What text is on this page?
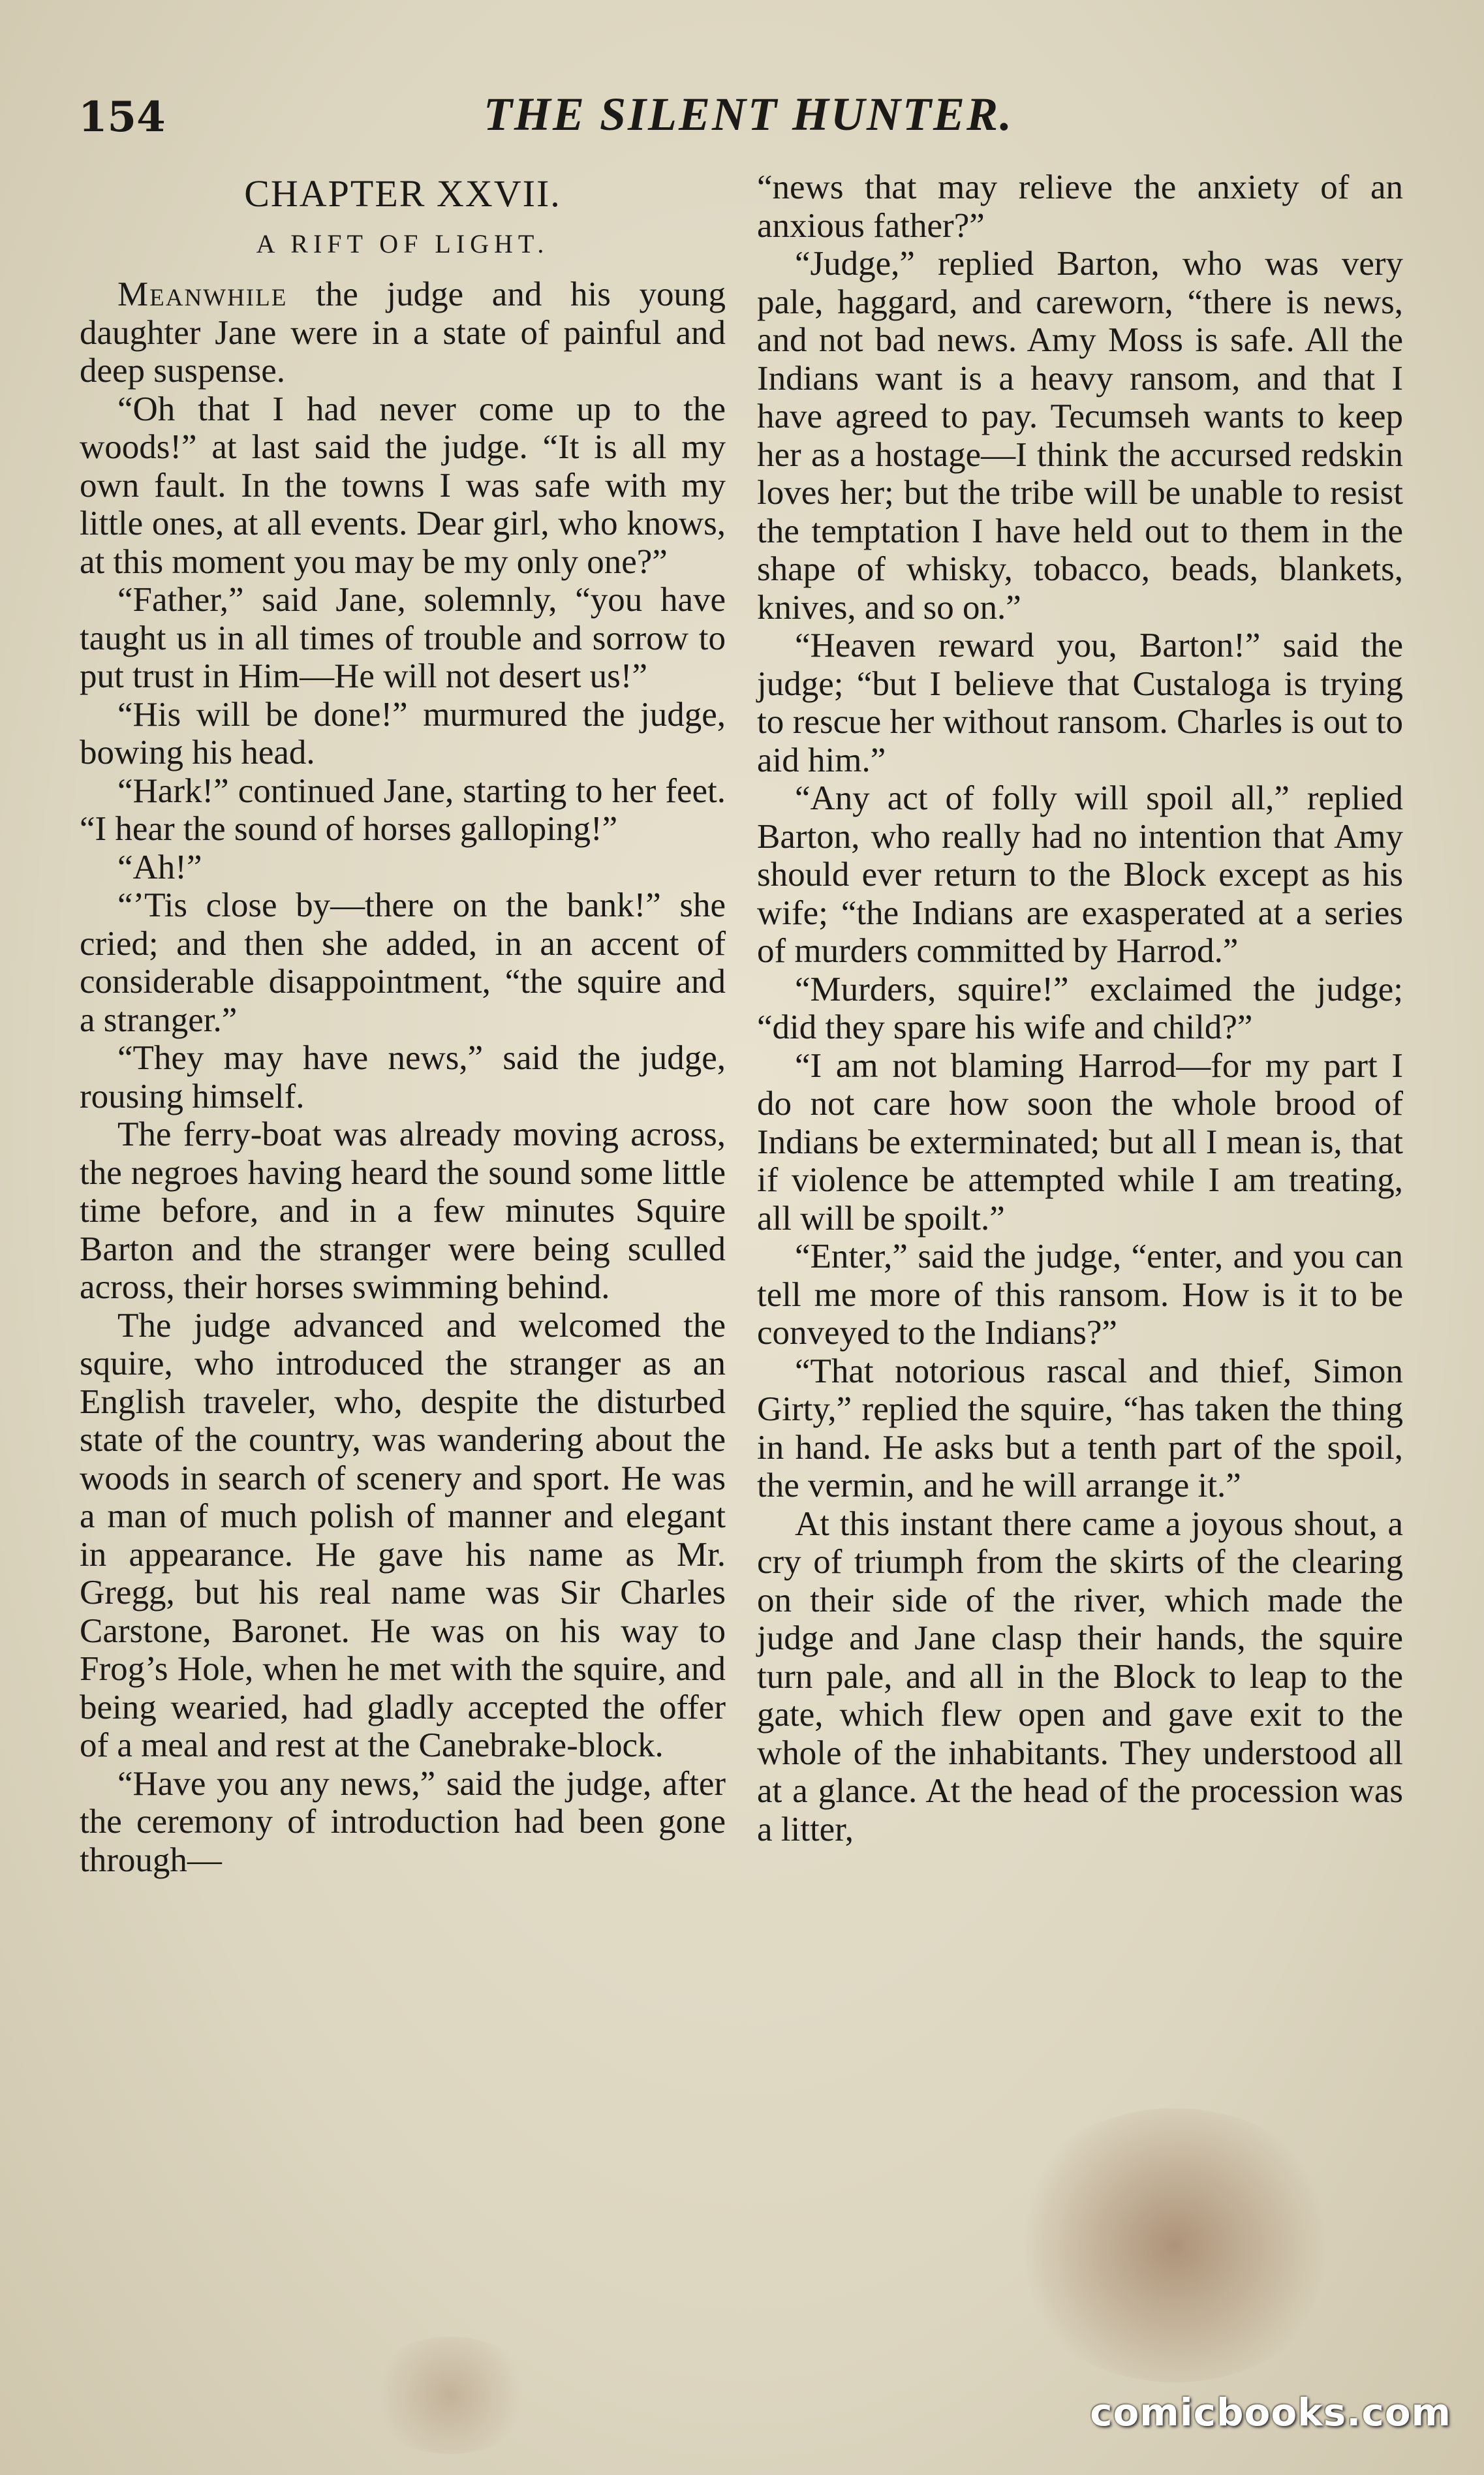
154	THE SILENT HUNTER.
CHAPTER XXVII.
A RIFT OF LIGHT.

Meanwhile the judge and his young daughter Jane were in a state of painful and deep suspense.

“Oh that I had never come up to the woods!” at last said the judge. “It is all my own fault. In the towns I was safe with my little ones, at all events. Dear girl, who knows, at this moment you may be my only one?”

“Father,” said Jane, solemnly, “you have taught us in all times of trouble and sorrow to put trust in Him—He will not desert us!”

“His will be done!” murmured the judge, bowing his head.

“Hark!” continued Jane, starting to her feet. “I hear the sound of horses galloping!”

“Ah!”

“’Tis close by—there on the bank!” she cried; and then she added, in an accent of considerable disappointment, “the squire and a stranger.”

“They may have news,” said the judge, rousing himself.

The ferry-boat was already moving across, the negroes having heard the sound some little time before, and in a few minutes Squire Barton and the stranger were being sculled across, their horses swimming behind.

The judge advanced and welcomed the squire, who introduced the stranger as an English traveler, who, despite the disturbed state of the country, was wandering about the woods in search of scenery and sport. He was a man of much polish of manner and elegant in appearance. He gave his name as Mr. Gregg, but his real name was Sir Charles Carstone, Baronet. He was on his way to Frog’s Hole, when he met with the squire, and being wearied, had gladly accepted the offer of a meal and rest at the Canebrake-block.

“Have you any news,” said the judge, after the ceremony of introduction had been gone through—

“news that may relieve the anxiety of an anxious father?”

“Judge,” replied Barton, who was very pale, haggard, and careworn, “there is news, and not bad news. Amy Moss is safe. All the Indians want is a heavy ransom, and that I have agreed to pay. Tecumseh wants to keep her as a hostage—I think the accursed redskin loves her; but the tribe will be unable to resist the temptation I have held out to them in the shape of whisky, tobacco, beads, blankets, knives, and so on.”

“Heaven reward you, Barton!” said the judge; “but I believe that Custaloga is trying to rescue her without ransom. Charles is out to aid him.”

“Any act of folly will spoil all,” replied Barton, who really had no intention that Amy should ever return to the Block except as his wife; “the Indians are exasperated at a series of murders committed by Harrod.”

“Murders, squire!” exclaimed the judge; “did they spare his wife and child?”

“I am not blaming Harrod—for my part I do not care how soon the whole brood of Indians be exterminated; but all I mean is, that if violence be attempted while I am treating, all will be spoilt.”

“Enter,” said the judge, “enter, and you can tell me more of this ransom. How is it to be conveyed to the Indians?”

“That notorious rascal and thief, Simon Girty,” replied the squire, “has taken the thing in hand. He asks but a tenth part of the spoil, the vermin, and he will arrange it.”

At this instant there came a joyous shout, a cry of triumph from the skirts of the clearing on their side of the river, which made the judge and Jane clasp their hands, the squire turn pale, and all in the Block to leap to the gate, which flew open and gave exit to the whole of the inhabitants. They understood all at a glance. At the head of the procession was a litter,

comicbooks.com
